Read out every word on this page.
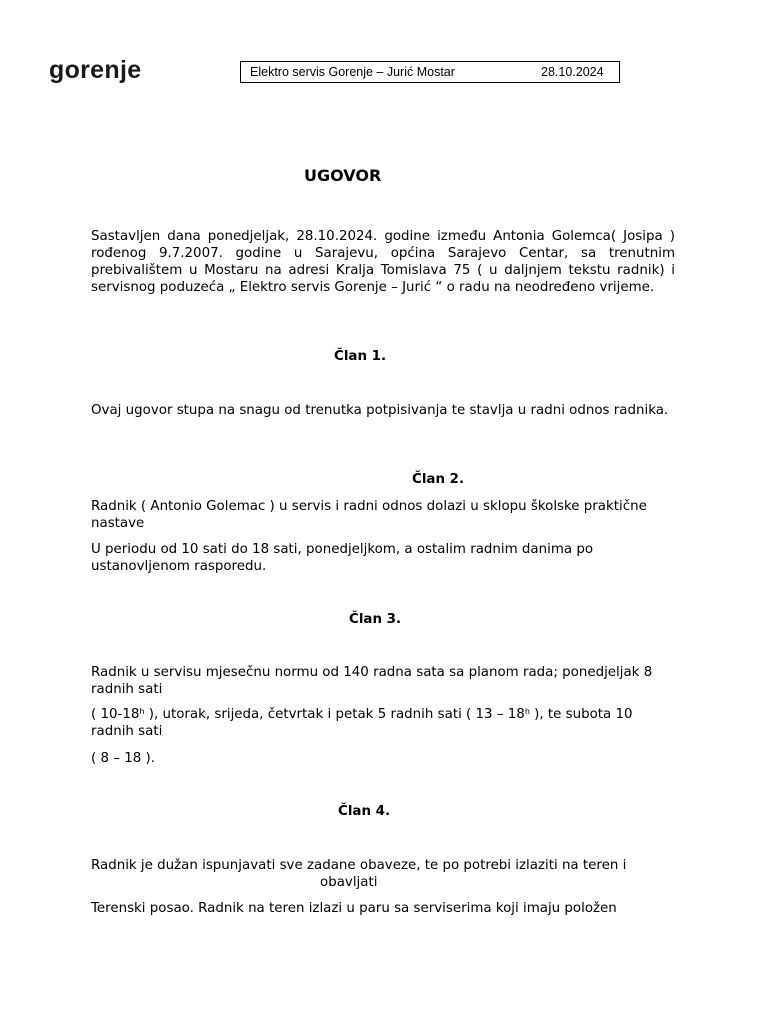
gorenje	Elektro servis Gorenje – Jurić Mostar	28.10.2024
UGOVOR
Sastavljen dana ponedjeljak, 28.10.2024. godine između Antonia Golemca( Josipa ) rođenog 9.7.2007. godine u Sarajevu, općina Sarajevo Centar, sa trenutnim prebivalištem u Mostaru na adresi Kralja Tomislava 75 ( u daljnjem tekstu radnik) i servisnog poduzeća „ Elektro servis Gorenje – Jurić “ o radu na neodređeno vrijeme.
Član 1.
Ovaj ugovor stupa na snagu od trenutka potpisivanja te stavlja u radni odnos radnika.
Član 2.
Radnik ( Antonio Golemac ) u servis i radni odnos dolazi u sklopu školske praktične nastave
U periodu od 10 sati do 18 sati, ponedjeljkom, a ostalim radnim danima po ustanovljenom rasporedu.
Član 3.
Radnik u servisu mjesečnu normu od 140 radna sata sa planom rada; ponedjeljak 8 radnih sati
( 10-18$^h$ ), utorak, srijeda, četvrtak i petak 5 radnih sati ( 13 – 18$^h$ ), te subota 10 radnih sati
( 8 – 18 ).
Član 4.
Radnik je dužan ispunjavati sve zadane obaveze, te po potrebi izlaziti na teren i
obavljati
Terenski posao. Radnik na teren izlazi u paru sa serviserima koji imaju položen
